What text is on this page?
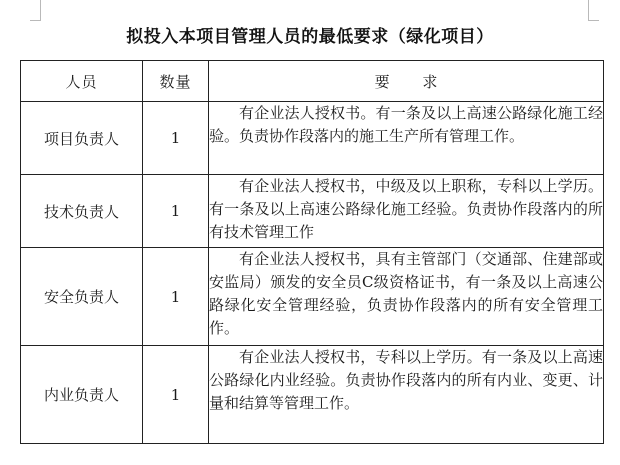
拟投入本项目管理人员的最低要求（绿化项目）
人员	数量	要 求
项目负责人	1	有企业法人授权书。有一条及以上高速公路绿化施工经验。负责协作段落内的施工生产所有管理工作。

技术负责人	1	有企业法人授权书，中级及以上职称，专科以上学历。有一条及以上高速公路绿化施工经验。负责协作段落内的所有技术管理工作

安全负责人	1	有企业法人授权书，具有主管部门（交通部、住建部或安监局）颁发的安全员C级资格证书，有一条及以上高速公路绿化安全管理经验，负责协作段落内的所有安全管理工作。

内业负责人	1	有企业法人授权书，专科以上学历。有一条及以上高速公路绿化内业经验。负责协作段落内的所有内业、变更、计量和结算等管理工作。
